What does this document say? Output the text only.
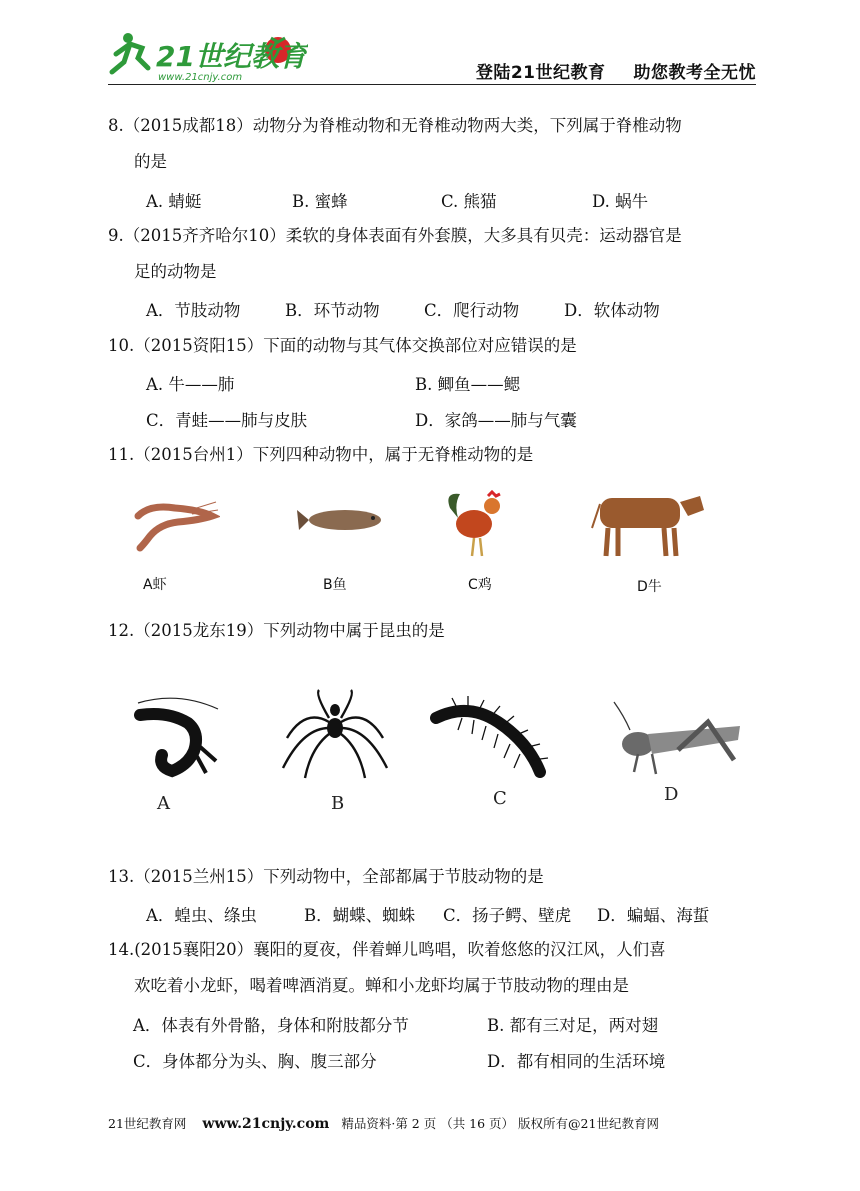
21世纪教育
www.21cnjy.com	登陆21世纪教育 助您教考全无忧
8.（2015成都18）动物分为脊椎动物和无脊椎动物两大类，下列属于脊椎动物
的是
A. 蜻蜓	B. 蜜蜂	C. 熊猫	D. 蜗牛
9.（2015齐齐哈尔10）柔软的身体表面有外套膜，大多具有贝壳：运动器官是
足的动物是
A．节肢动物	B．环节动物	C．爬行动物	D．软体动物
10.（2015资阳15）下面的动物与其气体交换部位对应错误的是
A. 牛——肺	B. 鲫鱼——鳃
C．青蛙——肺与皮肤	D．家鸽——肺与气囊
11.（2015台州1）下列四种动物中，属于无脊椎动物的是
A虾	B鱼	C鸡	D牛
12.（2015龙东19）下列动物中属于昆虫的是
A	B	C	D
13.（2015兰州15）下列动物中，全部都属于节肢动物的是
A．蝗虫、绦虫	B．蝴蝶、蜘蛛 C．扬子鳄、壁虎 D．蝙蝠、海蜇
14.(2015襄阳20）襄阳的夏夜，伴着蝉儿鸣唱，吹着悠悠的汉江风，人们喜
欢吃着小龙虾，喝着啤酒消夏。蝉和小龙虾均属于节肢动物的理由是
A．体表有外骨骼，身体和附肢都分节	B. 都有三对足，两对翅
C．身体都分为头、胸、腹三部分	D．都有相同的生活环境
21世纪教育网 www.21cnjy.com 精品资料·第 2 页 （共 16 页） 版权所有@21世纪教育网
